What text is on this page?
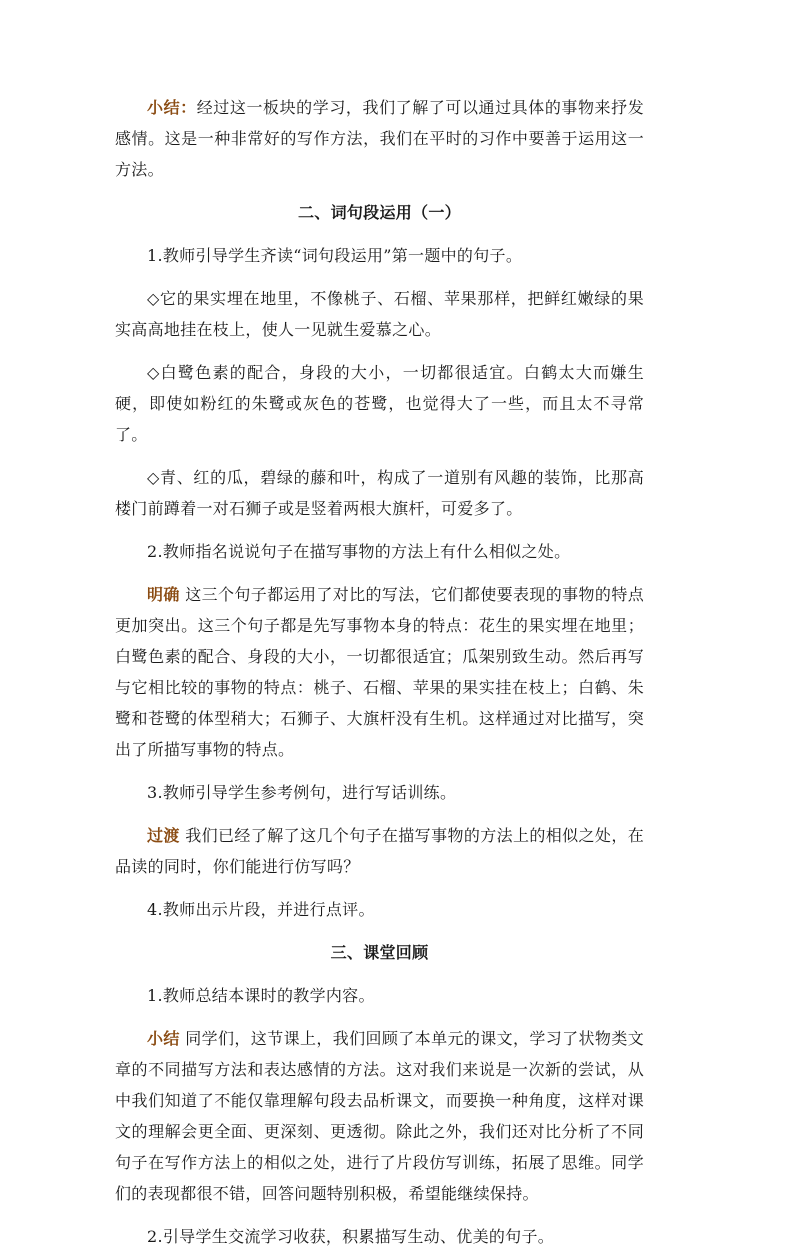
小结：经过这一板块的学习，我们了解了可以通过具体的事物来抒发感情。这是一种非常好的写作方法，我们在平时的习作中要善于运用这一方法。

二、词句段运用（一）

1.教师引导学生齐读“词句段运用”第一题中的句子。

◇它的果实埋在地里，不像桃子、石榴、苹果那样，把鲜红嫩绿的果实高高地挂在枝上，使人一见就生爱慕之心。

◇白鹭色素的配合，身段的大小，一切都很适宜。白鹤太大而嫌生硬，即使如粉红的朱鹭或灰色的苍鹭，也觉得大了一些，而且太不寻常了。

◇青、红的瓜，碧绿的藤和叶，构成了一道别有风趣的装饰，比那高楼门前蹲着一对石狮子或是竖着两根大旗杆，可爱多了。

2.教师指名说说句子在描写事物的方法上有什么相似之处。

明确 这三个句子都运用了对比的写法，它们都使要表现的事物的特点更加突出。这三个句子都是先写事物本身的特点：花生的果实埋在地里；白鹭色素的配合、身段的大小，一切都很适宜；瓜架别致生动。然后再写与它相比较的事物的特点：桃子、石榴、苹果的果实挂在枝上；白鹤、朱鹭和苍鹭的体型稍大；石狮子、大旗杆没有生机。这样通过对比描写，突出了所描写事物的特点。

3.教师引导学生参考例句，进行写话训练。

过渡 我们已经了解了这几个句子在描写事物的方法上的相似之处，在品读的同时，你们能进行仿写吗？

4.教师出示片段，并进行点评。

三、课堂回顾

1.教师总结本课时的教学内容。

小结 同学们，这节课上，我们回顾了本单元的课文，学习了状物类文章的不同描写方法和表达感情的方法。这对我们来说是一次新的尝试，从中我们知道了不能仅靠理解句段去品析课文，而要换一种角度，这样对课文的理解会更全面、更深刻、更透彻。除此之外，我们还对比分析了不同句子在写作方法上的相似之处，进行了片段仿写训练，拓展了思维。同学们的表现都很不错，回答问题特别积极，希望能继续保持。

2.引导学生交流学习收获，积累描写生动、优美的句子。
